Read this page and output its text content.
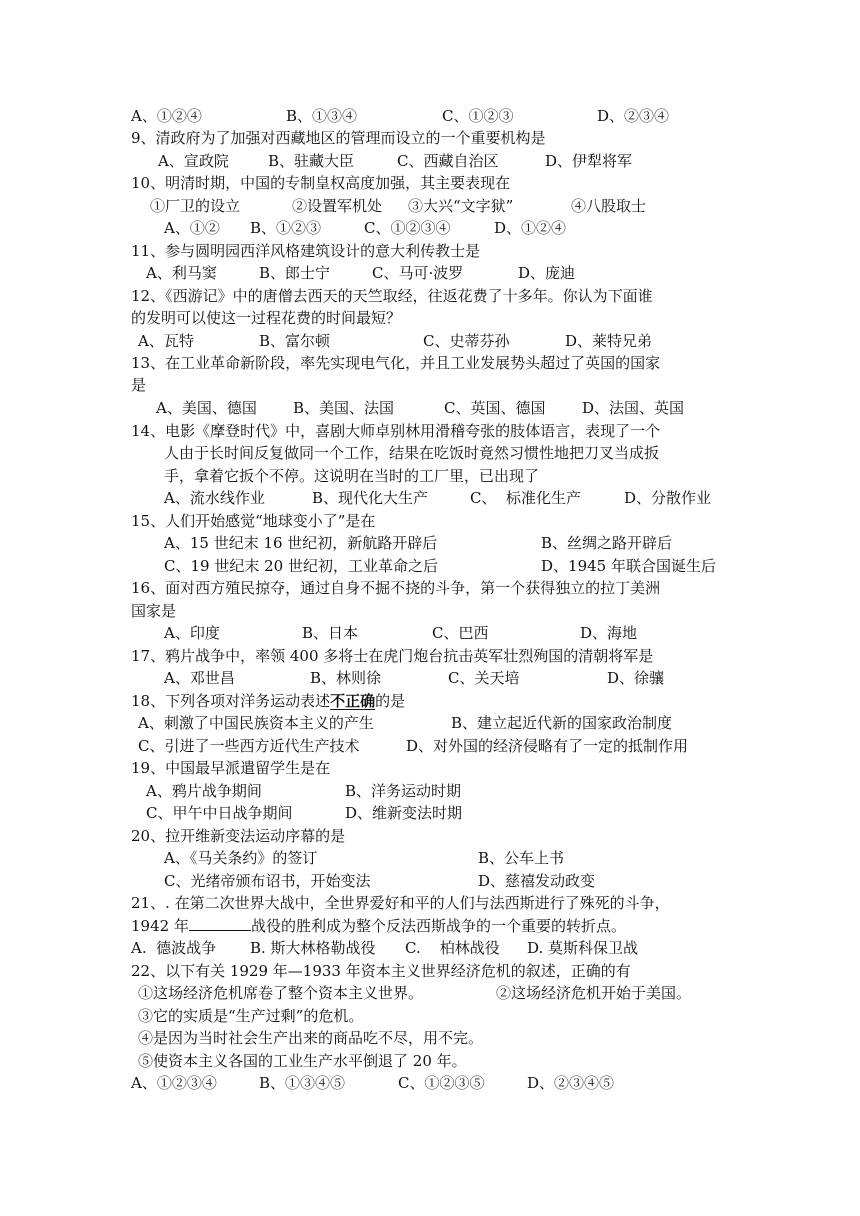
A、①②④	B、①③④	C、①②③	D、②③④
9、清政府为了加强对西藏地区的管理而设立的一个重要机构是
A、宣政院	B、驻藏大臣	C、西藏自治区	D、伊犁将军
10、明清时期，中国的专制皇权高度加强，其主要表现在
①厂卫的设立	②设置军机处 ③大兴“文字狱”	④八股取士
A、①② B、①②③	C、①②③④	D、①②④
11、参与圆明园西洋风格建筑设计的意大利传教士是
A、利马窦	B、郎士宁	C、马可·波罗	D、庞迪
12、《西游记》中的唐僧去西天的天竺取经，往返花费了十多年。你认为下面谁
的发明可以使这一过程花费的时间最短？
A、瓦特	B、富尔顿	C、史蒂芬孙	D、莱特兄弟
13、在工业革命新阶段，率先实现电气化，并且工业发展势头超过了英国的国家
是
A、美国、德国 B、美国、法国	C、英国、德国 D、法国、英国
14、电影《摩登时代》中，喜剧大师卓别林用滑稽夸张的肢体语言，表现了一个
人由于长时间反复做同一个工作，结果在吃饭时竟然习惯性地把刀叉当成扳
手，拿着它扳个不停。这说明在当时的工厂里，已出现了
A、流水线作业	B、现代化大生产	C、  标准化生产	D、分散作业
15、人们开始感觉“地球变小了”是在
A、15 世纪末 16 世纪初，新航路开辟后	B、丝绸之路开辟后
C、19 世纪末 20 世纪初，工业革命之后	D、1945 年联合国诞生后
16、面对西方殖民掠夺，通过自身不掘不挠的斗争，第一个获得独立的拉丁美洲
国家是
A、印度	B、日本	C、巴西	D、海地
17、鸦片战争中，率领 400 多将士在虎门炮台抗击英军壮烈殉国的清朝将军是
A、邓世昌	B、林则徐	C、关天培	D、徐骧
18、下列各项对洋务运动表述不正确的是
A、刺激了中国民族资本主义的产生	B、建立起近代新的国家政治制度
C、引进了一些西方近代生产技术	D、对外国的经济侵略有了一定的抵制作用
19、中国最早派遣留学生是在
A、鸦片战争期间	B、洋务运动时期
C、甲午中日战争期间	D、维新变法时期
20、拉开维新变法运动序幕的是
A、《马关条约》的签订	B、公车上书
C、光绪帝颁布诏书，开始变法	D、慈禧发动政变
21、. 在第二次世界大战中，全世界爱好和平的人们与法西斯进行了殊死的斗争，
1942 年	战役的胜利成为整个反法西斯战争的一个重要的转折点。
A.  德波战争 B. 斯大林格勒战役 C.    柏林战役 D. 莫斯科保卫战
22、以下有关 1929 年—1933 年资本主义世界经济危机的叙述，正确的有
①这场经济危机席卷了整个资本主义世界。	②这场经济危机开始于美国。
③它的实质是“生产过剩”的危机。
④是因为当时社会生产出来的商品吃不尽，用不完。
⑤使资本主义各国的工业生产水平倒退了 20 年。
A、①②③④	B、①③④⑤	C、①②③⑤	D、②③④⑤
